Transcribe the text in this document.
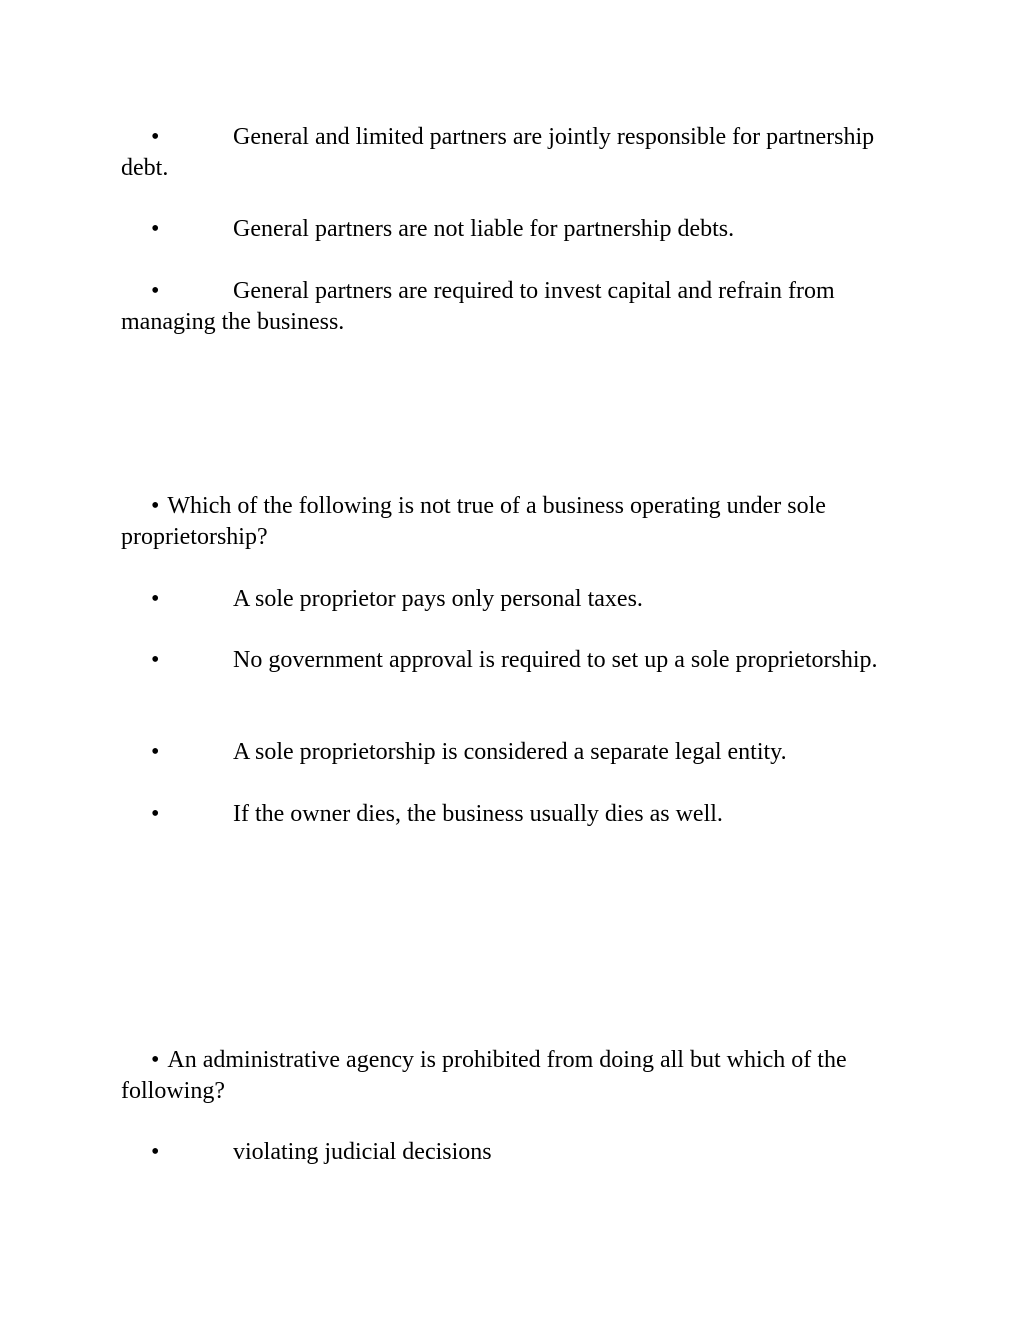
•	General and limited partners are jointly responsible for partnership debt.

•	General partners are not liable for partnership debts.

•	General partners are required to invest capital and refrain from managing the business.

• Which of the following is not true of a business operating under sole proprietorship?

•	A sole proprietor pays only personal taxes.

•	No government approval is required to set up a sole proprietorship.

•	A sole proprietorship is considered a separate legal entity.

•	If the owner dies, the business usually dies as well.

• An administrative agency is prohibited from doing all but which of the following?

•	violating judicial decisions
